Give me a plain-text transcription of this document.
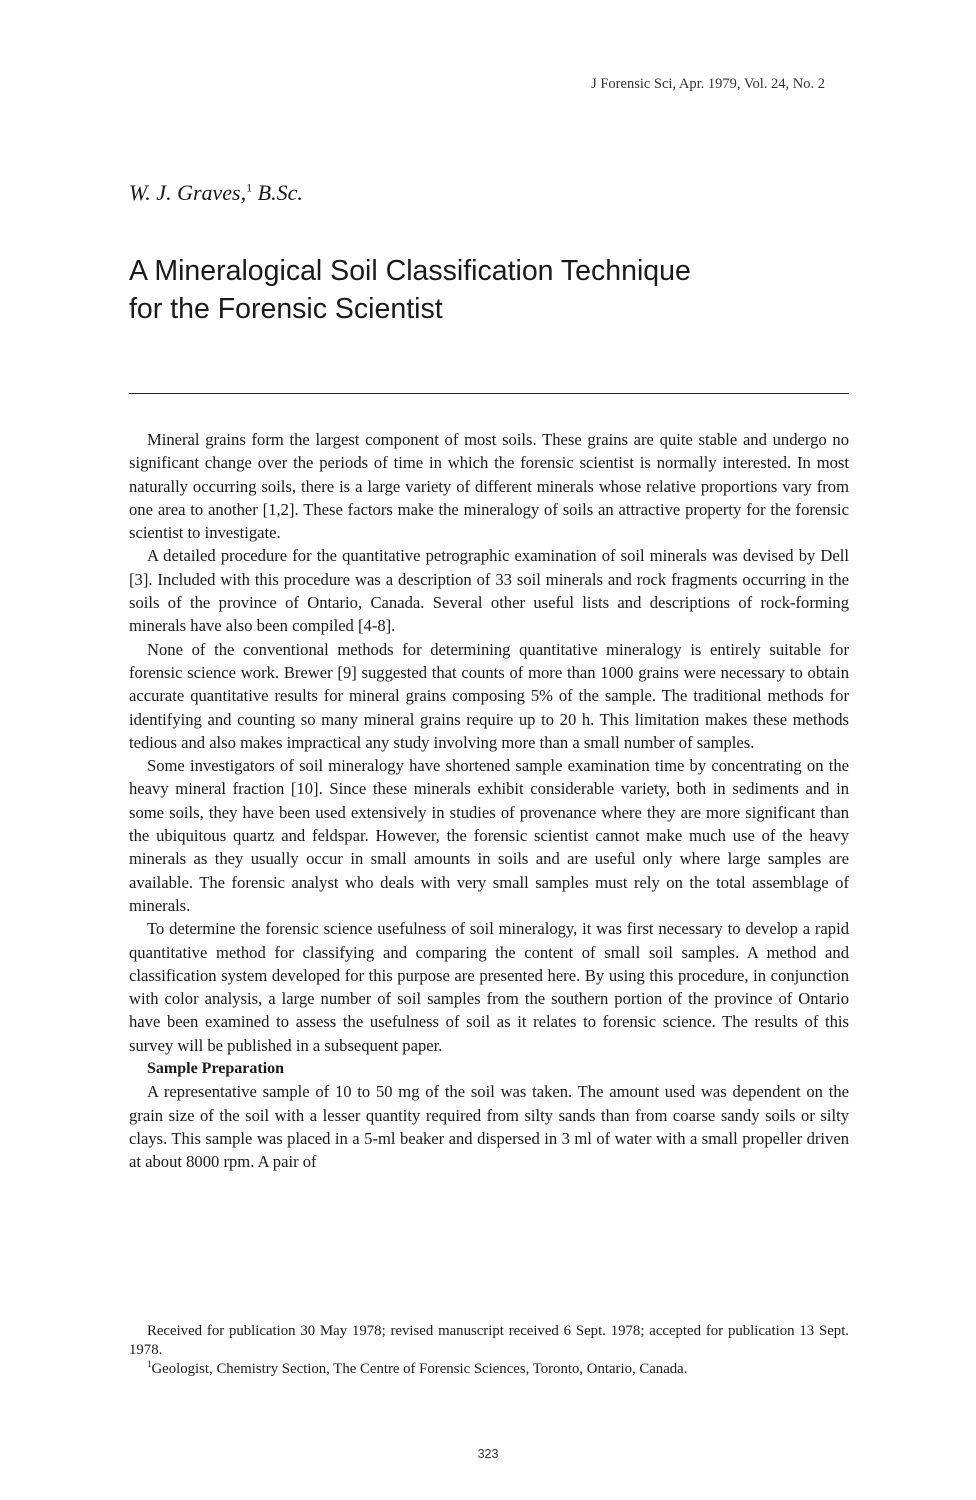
J Forensic Sci, Apr. 1979, Vol. 24, No. 2
W. J. Graves,$^1$ B.Sc.
A Mineralogical Soil Classification Technique
for the Forensic Scientist

Mineral grains form the largest component of most soils. These grains are quite stable and undergo no significant change over the periods of time in which the forensic scientist is normally interested. In most naturally occurring soils, there is a large variety of different minerals whose relative proportions vary from one area to another [1,2]. These factors make the mineralogy of soils an attractive property for the forensic scientist to investigate.

A detailed procedure for the quantitative petrographic examination of soil minerals was devised by Dell [3]. Included with this procedure was a description of 33 soil minerals and rock fragments occurring in the soils of the province of Ontario, Canada. Several other useful lists and descriptions of rock-forming minerals have also been compiled [4-8].

None of the conventional methods for determining quantitative mineralogy is entirely suitable for forensic science work. Brewer [9] suggested that counts of more than 1000 grains were necessary to obtain accurate quantitative results for mineral grains composing 5% of the sample. The traditional methods for identifying and counting so many mineral grains require up to 20 h. This limitation makes these methods tedious and also makes impractical any study involving more than a small number of samples.

Some investigators of soil mineralogy have shortened sample examination time by concentrating on the heavy mineral fraction [10]. Since these minerals exhibit considerable variety, both in sediments and in some soils, they have been used extensively in studies of provenance where they are more significant than the ubiquitous quartz and feldspar. However, the forensic scientist cannot make much use of the heavy minerals as they usually occur in small amounts in soils and are useful only where large samples are available. The forensic analyst who deals with very small samples must rely on the total assemblage of minerals.

To determine the forensic science usefulness of soil mineralogy, it was first necessary to develop a rapid quantitative method for classifying and comparing the content of small soil samples. A method and classification system developed for this purpose are presented here. By using this procedure, in conjunction with color analysis, a large number of soil samples from the southern portion of the province of Ontario have been examined to assess the usefulness of soil as it relates to forensic science. The results of this survey will be published in a subsequent paper.

Sample Preparation

A representative sample of 10 to 50 mg of the soil was taken. The amount used was dependent on the grain size of the soil with a lesser quantity required from silty sands than from coarse sandy soils or silty clays. This sample was placed in a 5-ml beaker and dispersed in 3 ml of water with a small propeller driven at about 8000 rpm. A pair of

Received for publication 30 May 1978; revised manuscript received 6 Sept. 1978; accepted for publication 13 Sept. 1978.

$^1$Geologist, Chemistry Section, The Centre of Forensic Sciences, Toronto, Ontario, Canada.

323
